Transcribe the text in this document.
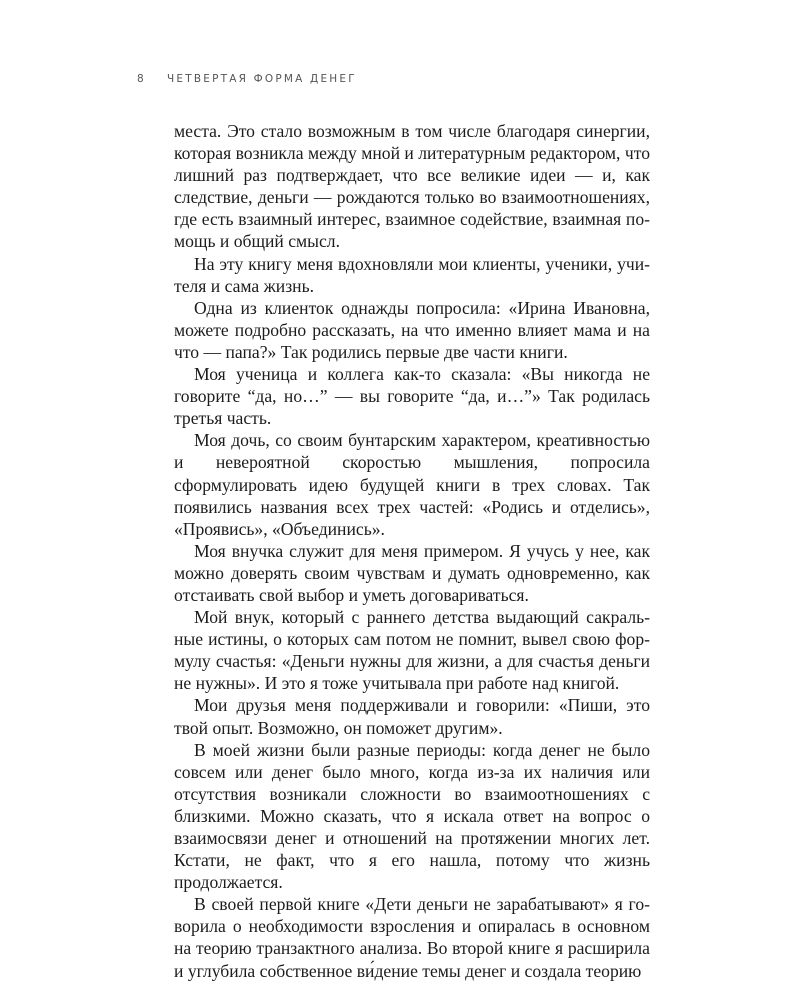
8 ЧЕТВЕРТАЯ ФОРМА ДЕНЕГ

места. Это стало возможным в том числе благодаря синергии, которая возникла между мной и литературным редактором, что лишний раз подтверждает, что все великие идеи — и, как следствие, деньги — рождаются только во взаимоотношениях, где есть взаимный интерес, взаимное содействие, взаимная помощь и общий смысл.

На эту книгу меня вдохновляли мои клиенты, ученики, учителя и сама жизнь.

Одна из клиенток однажды попросила: «Ирина Ивановна, можете подробно рассказать, на что именно влияет мама и на что — папа?» Так родились первые две части книги.

Моя ученица и коллега как-то сказала: «Вы никогда не говорите “да, но…” — вы говорите “да, и…”» Так родилась третья часть.

Моя дочь, со своим бунтарским характером, креативностью и невероятной скоростью мышления, попросила сформулировать идею будущей книги в трех словах. Так появились названия всех трех частей: «Родись и отделись», «Проявись», «Объединись».

Моя внучка служит для меня примером. Я учусь у нее, как можно доверять своим чувствам и думать одновременно, как отстаивать свой выбор и уметь договариваться.

Мой внук, который с раннего детства выдающий сакральные истины, о которых сам потом не помнит, вывел свою формулу счастья: «Деньги нужны для жизни, а для счастья деньги не нужны». И это я тоже учитывала при работе над книгой.

Мои друзья меня поддерживали и говорили: «Пиши, это твой опыт. Возможно, он поможет другим».

В моей жизни были разные периоды: когда денег не было совсем или денег было много, когда из-за их наличия или отсутствия возникали сложности во взаимоотношениях с близкими. Можно сказать, что я искала ответ на вопрос о взаимосвязи денег и отношений на протяжении многих лет. Кстати, не факт, что я его нашла, потому что жизнь продолжается.

В своей первой книге «Дети деньги не зарабатывают» я говорила о необходимости взросления и опиралась в основном на теорию транзактного анализа. Во второй книге я расширила и углубила собственное ви́дение темы денег и создала теорию
